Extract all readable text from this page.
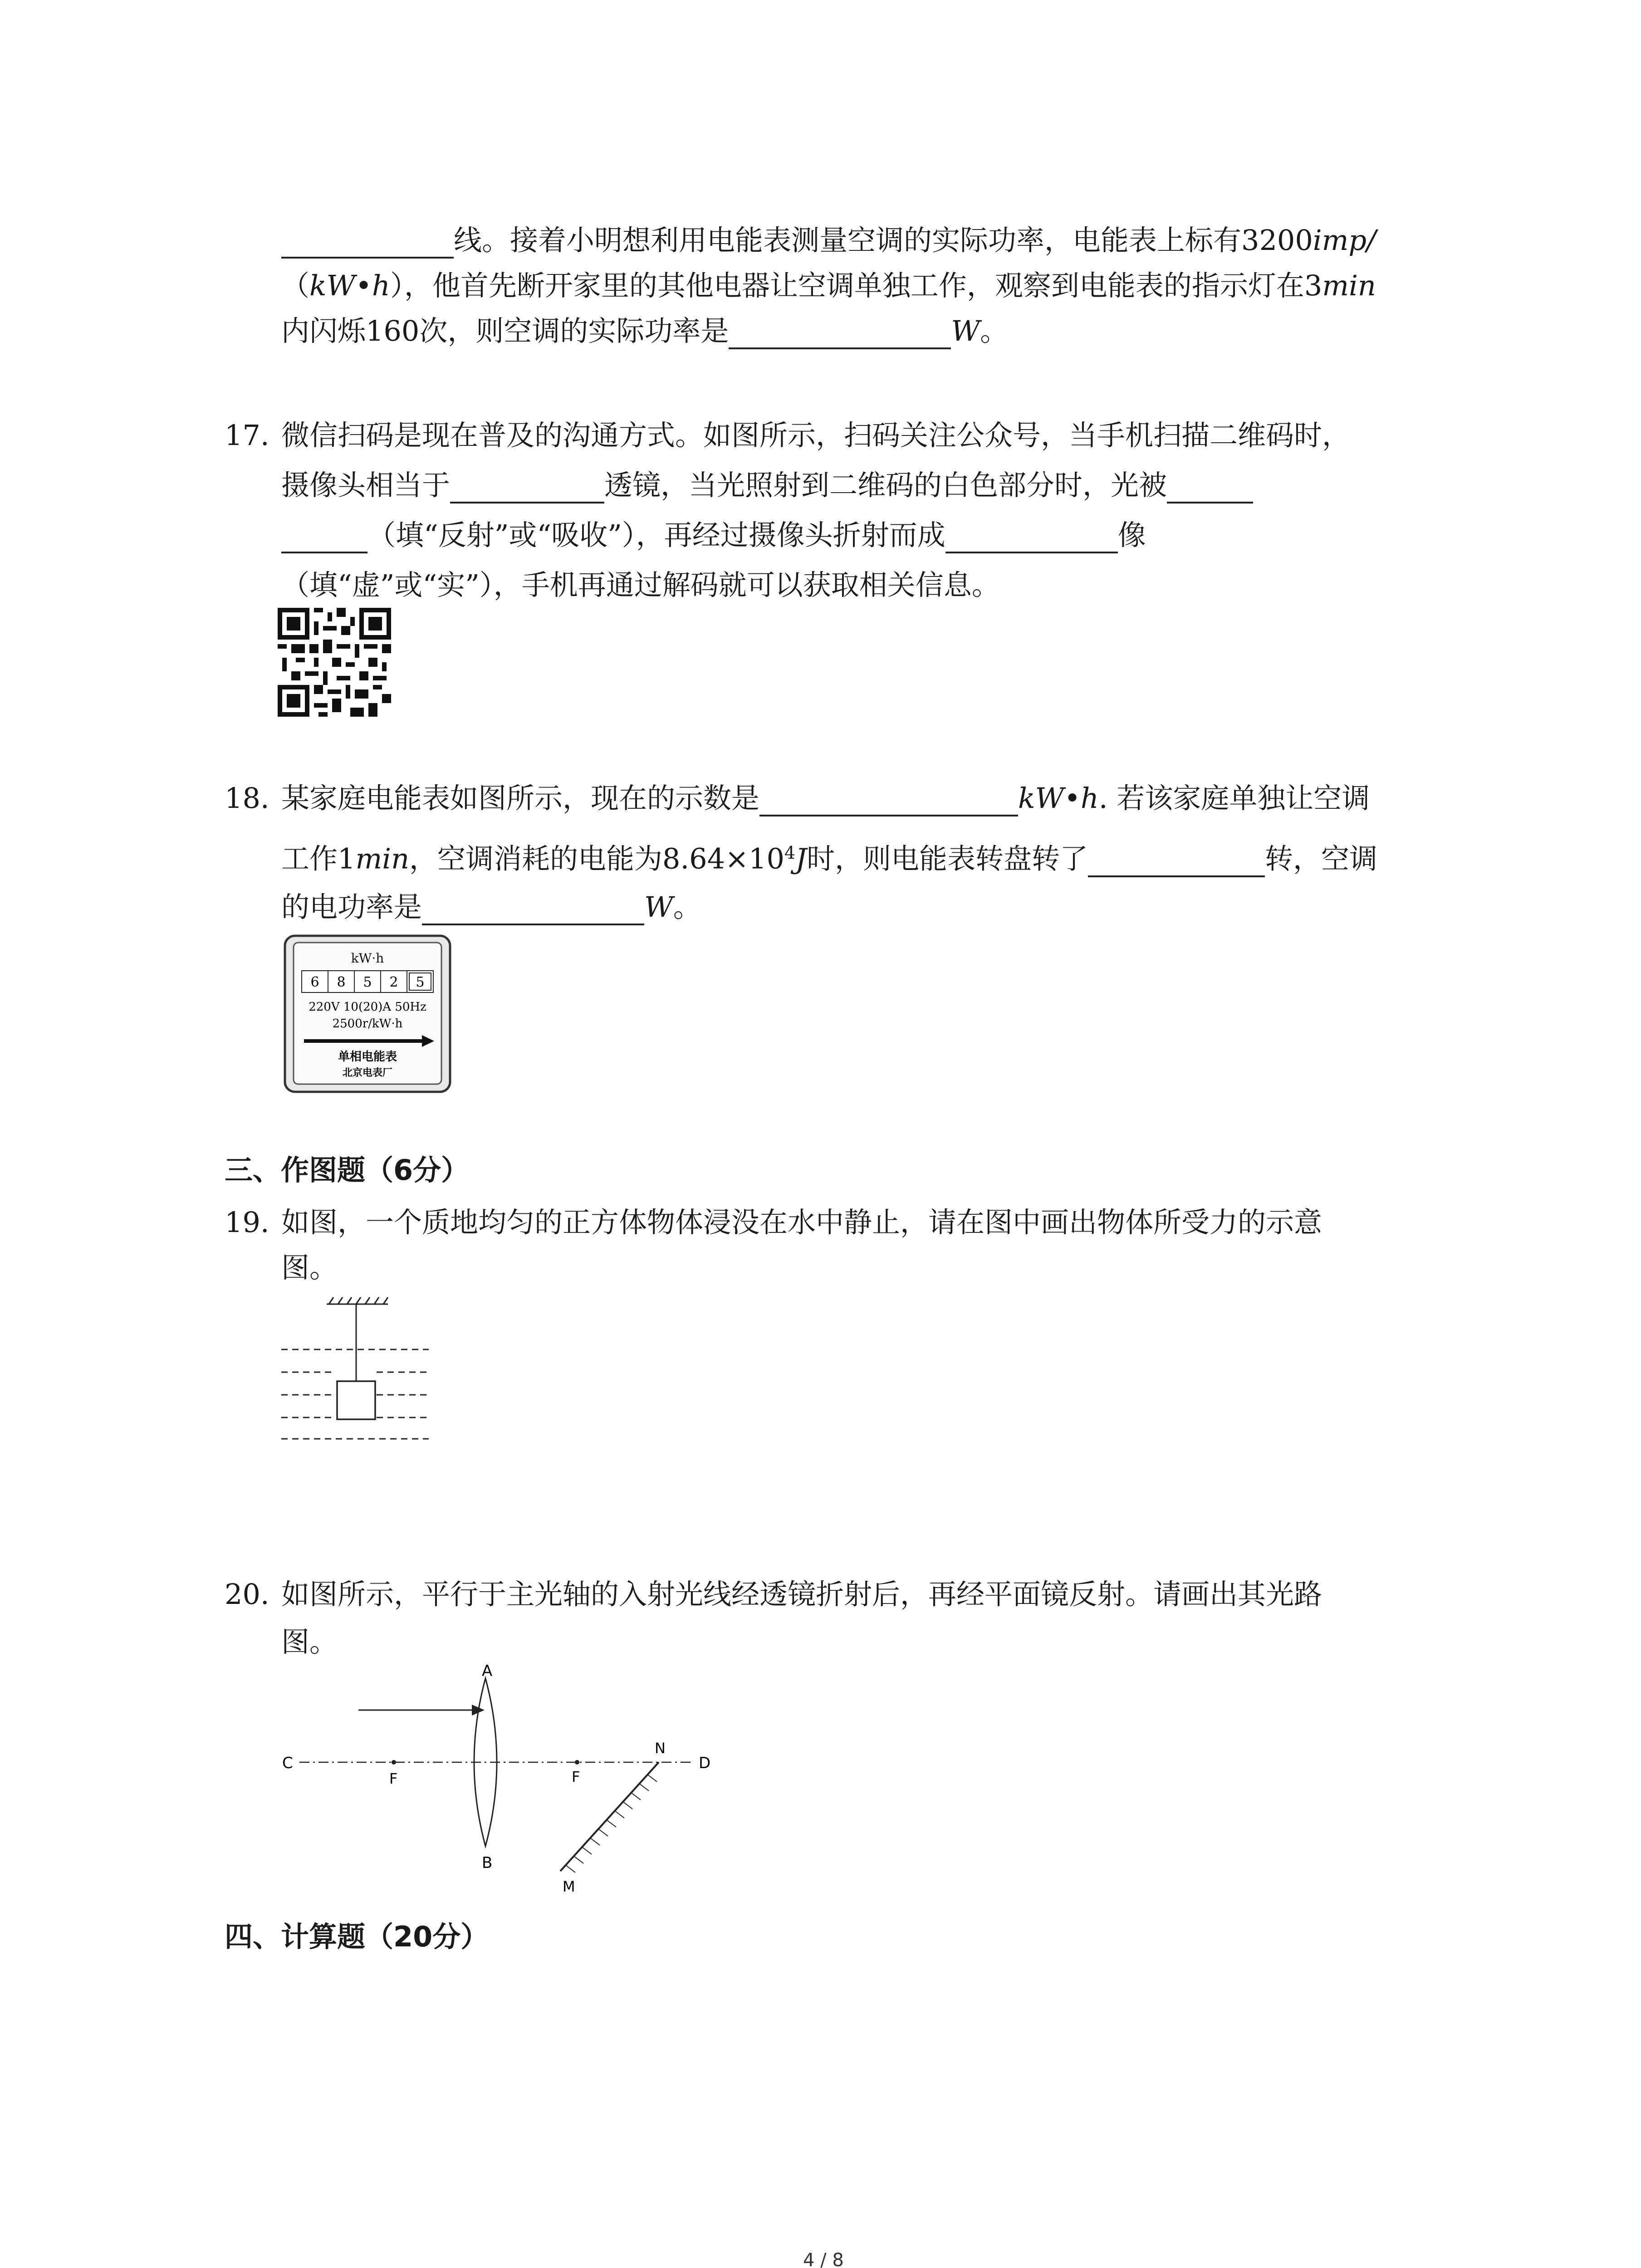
线。接着小明想利用电能表测量空调的实际功率，电能表上标有3200imp/
（kW•h），他首先断开家里的其他电器让空调单独工作，观察到电能表的指示灯在3min
内闪烁160次，则空调的实际功率是	W。
17. 微信扫码是现在普及的沟通方式。如图所示，扫码关注公众号，当手机扫描二维码时，
摄像头相当于	透镜，当光照射到二维码的白色部分时，光被
（填“反射”或“吸收”），再经过摄像头折射而成	像
（填“虚”或“实”），手机再通过解码就可以获取相关信息。
18. 某家庭电能表如图所示，现在的示数是	kW•h. 若该家庭单独让空调
工作1min，空调消耗的电能为$8.64\times 10^4J$时，则电能表转盘转了	转，空调
的电功率是	W。
kW·h
6 8 5 2 5
220V 10(20)A 50Hz
2500r/kW·h
单相电能表
北京电表厂
三、作图题（6分）
19. 如图，一个质地均匀的正方体物体浸没在水中静止，请在图中画出物体所受力的示意
图。
20. 如图所示，平行于主光轴的入射光线经透镜折射后，再经平面镜反射。请画出其光路
图。
A
B
C	D
F	F
N
M
四、计算题（20分）
4 / 8
